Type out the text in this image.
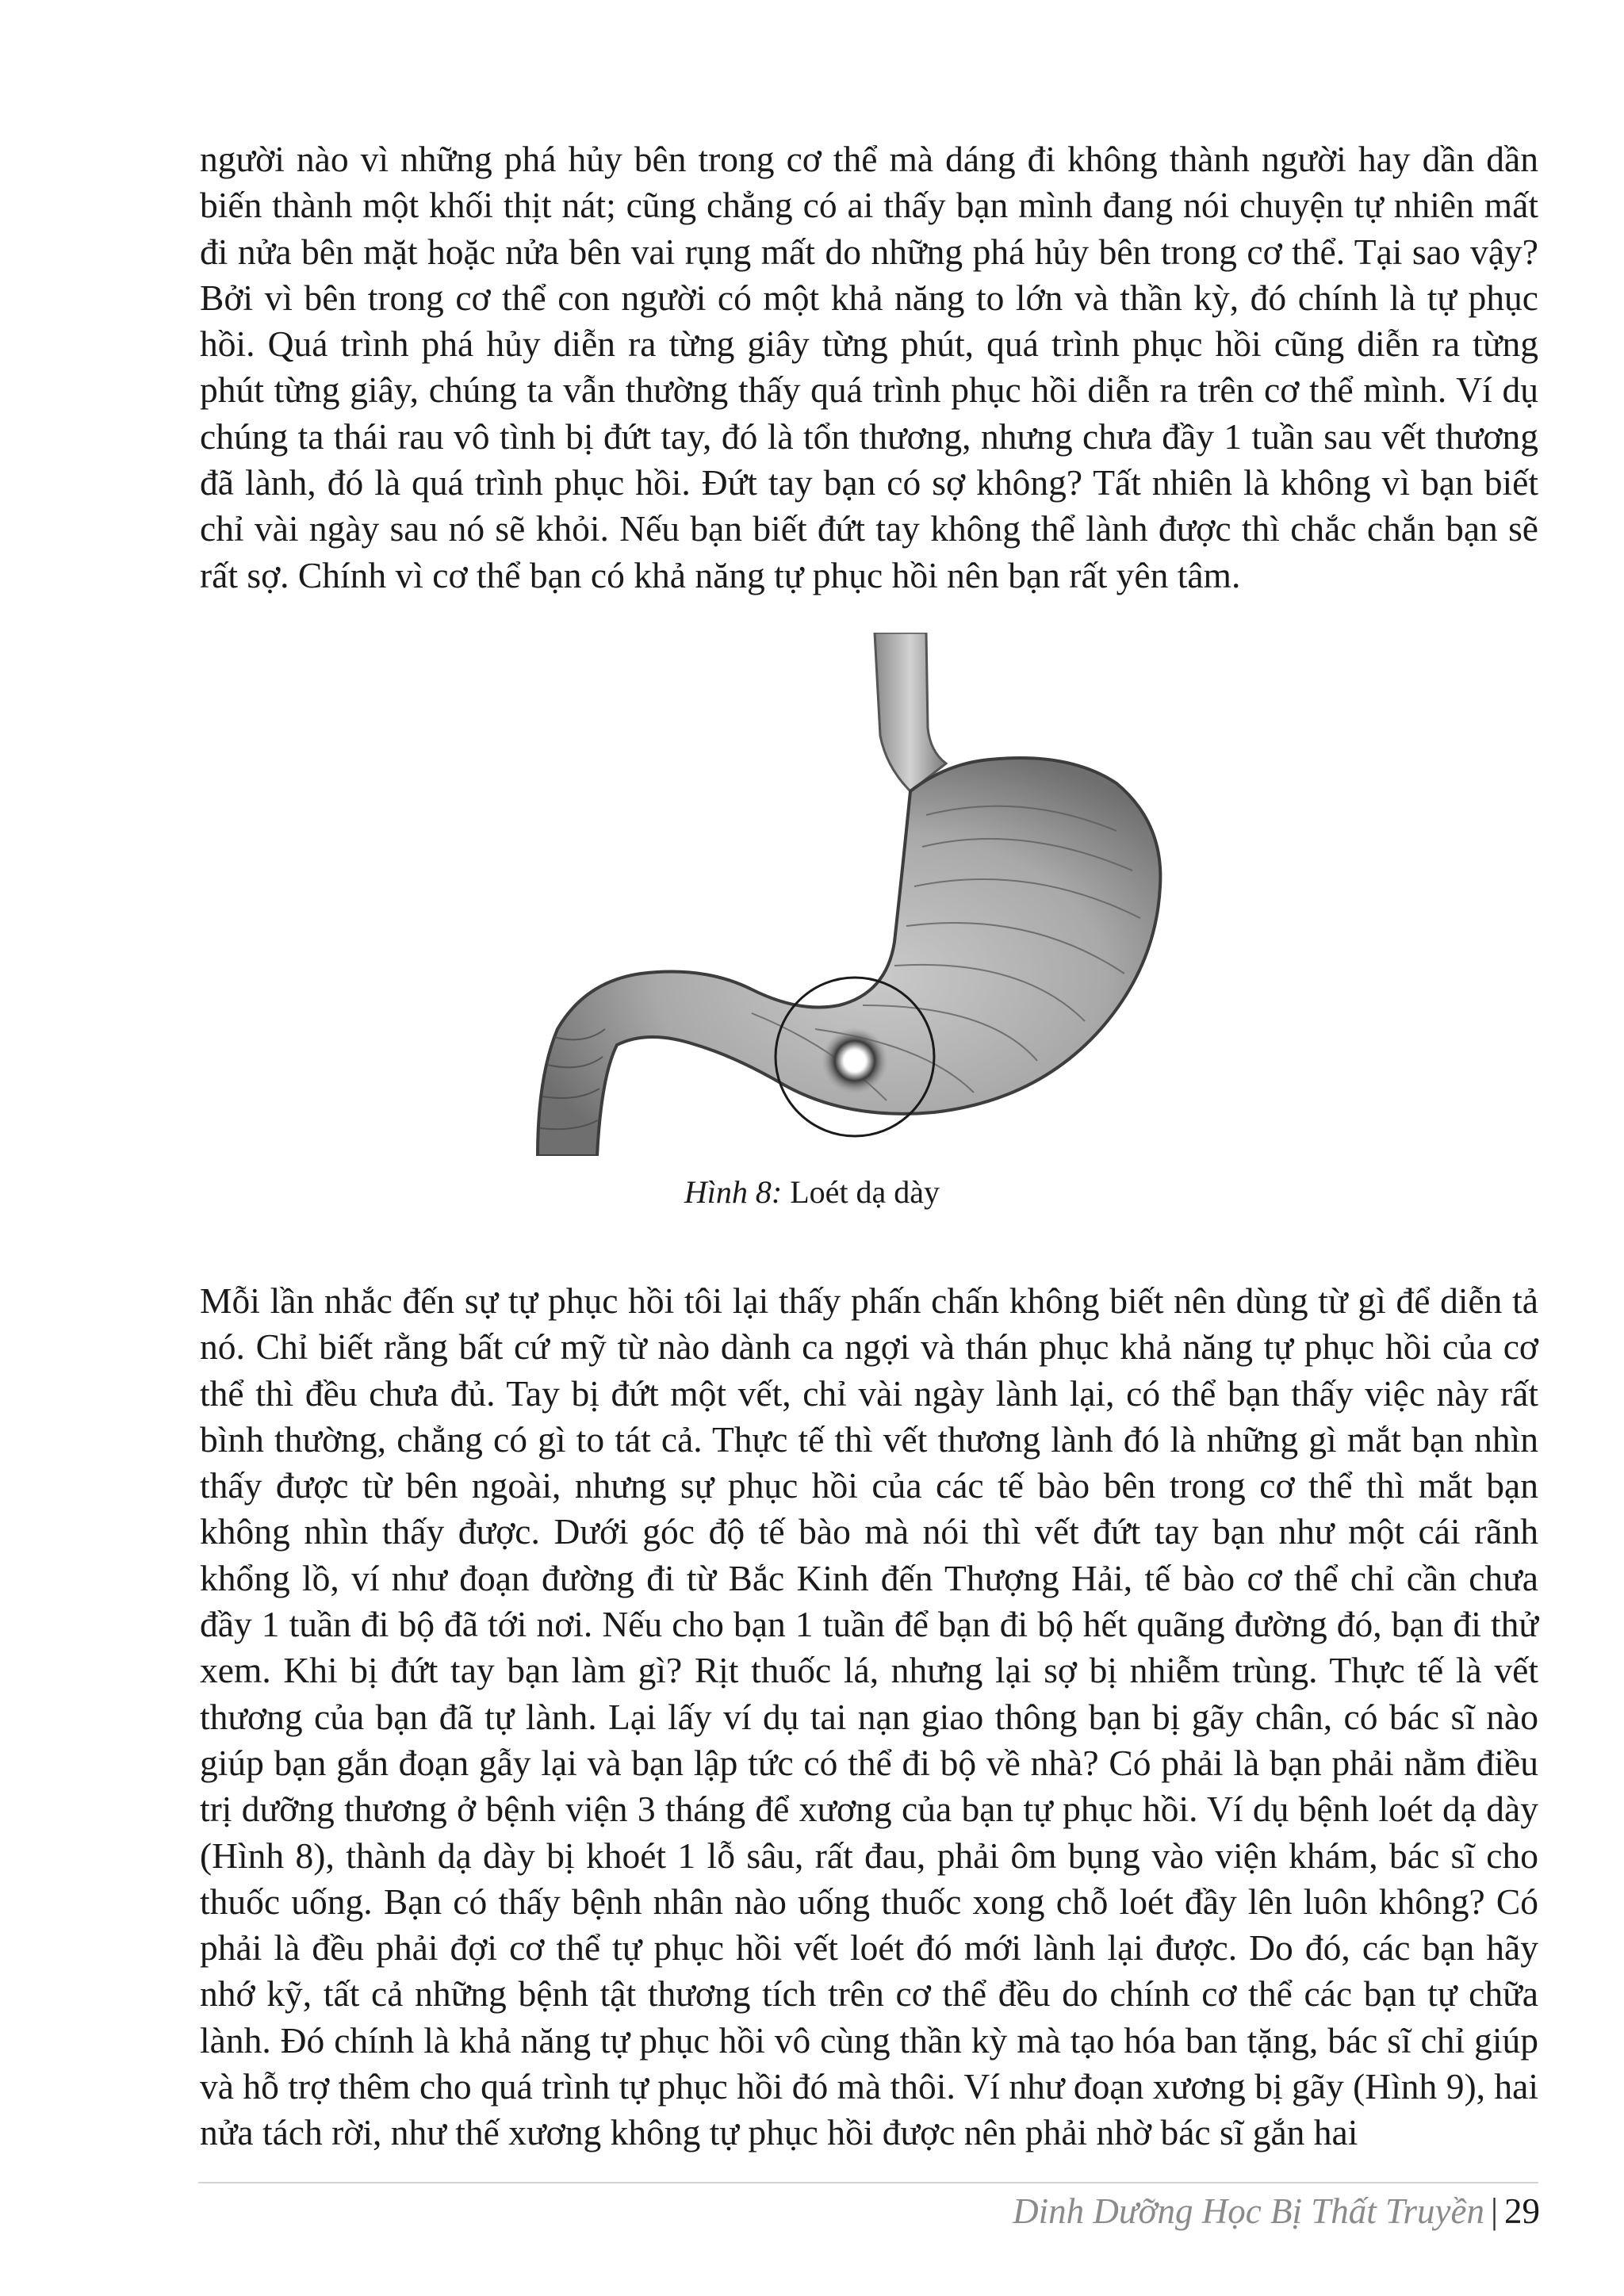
người nào vì những phá hủy bên trong cơ thể mà dáng đi không thành người hay dần dần biến thành một khối thịt nát; cũng chẳng có ai thấy bạn mình đang nói chuyện tự nhiên mất đi nửa bên mặt hoặc nửa bên vai rụng mất do những phá hủy bên trong cơ thể. Tại sao vậy? Bởi vì bên trong cơ thể con người có một khả năng to lớn và thần kỳ, đó chính là tự phục hồi. Quá trình phá hủy diễn ra từng giây từng phút, quá trình phục hồi cũng diễn ra từng phút từng giây, chúng ta vẫn thường thấy quá trình phục hồi diễn ra trên cơ thể mình. Ví dụ chúng ta thái rau vô tình bị đứt tay, đó là tổn thương, nhưng chưa đầy 1 tuần sau vết thương đã lành, đó là quá trình phục hồi. Đứt tay bạn có sợ không? Tất nhiên là không vì bạn biết chỉ vài ngày sau nó sẽ khỏi. Nếu bạn biết đứt tay không thể lành được thì chắc chắn bạn sẽ rất sợ. Chính vì cơ thể bạn có khả năng tự phục hồi nên bạn rất yên tâm.

Hình 8: Loét dạ dày

Mỗi lần nhắc đến sự tự phục hồi tôi lại thấy phấn chấn không biết nên dùng từ gì để diễn tả nó. Chỉ biết rằng bất cứ mỹ từ nào dành ca ngợi và thán phục khả năng tự phục hồi của cơ thể thì đều chưa đủ. Tay bị đứt một vết, chỉ vài ngày lành lại, có thể bạn thấy việc này rất bình thường, chẳng có gì to tát cả. Thực tế thì vết thương lành đó là những gì mắt bạn nhìn thấy được từ bên ngoài, nhưng sự phục hồi của các tế bào bên trong cơ thể thì mắt bạn không nhìn thấy được. Dưới góc độ tế bào mà nói thì vết đứt tay bạn như một cái rãnh khổng lồ, ví như đoạn đường đi từ Bắc Kinh đến Thượng Hải, tế bào cơ thể chỉ cần chưa đầy 1 tuần đi bộ đã tới nơi. Nếu cho bạn 1 tuần để bạn đi bộ hết quãng đường đó, bạn đi thử xem. Khi bị đứt tay bạn làm gì? Rịt thuốc lá, nhưng lại sợ bị nhiễm trùng. Thực tế là vết thương của bạn đã tự lành. Lại lấy ví dụ tai nạn giao thông bạn bị gãy chân, có bác sĩ nào giúp bạn gắn đoạn gẫy lại và bạn lập tức có thể đi bộ về nhà? Có phải là bạn phải nằm điều trị dưỡng thương ở bệnh viện 3 tháng để xương của bạn tự phục hồi. Ví dụ bệnh loét dạ dày (Hình 8), thành dạ dày bị khoét 1 lỗ sâu, rất đau, phải ôm bụng vào viện khám, bác sĩ cho thuốc uống. Bạn có thấy bệnh nhân nào uống thuốc xong chỗ loét đầy lên luôn không? Có phải là đều phải đợi cơ thể tự phục hồi vết loét đó mới lành lại được. Do đó, các bạn hãy nhớ kỹ, tất cả những bệnh tật thương tích trên cơ thể đều do chính cơ thể các bạn tự chữa lành. Đó chính là khả năng tự phục hồi vô cùng thần kỳ mà tạo hóa ban tặng, bác sĩ chỉ giúp và hỗ trợ thêm cho quá trình tự phục hồi đó mà thôi. Ví như đoạn xương bị gãy (Hình 9), hai nửa tách rời, như thế xương không tự phục hồi được nên phải nhờ bác sĩ gắn hai

Dinh Dưỡng Học Bị Thất Truyền | 29
